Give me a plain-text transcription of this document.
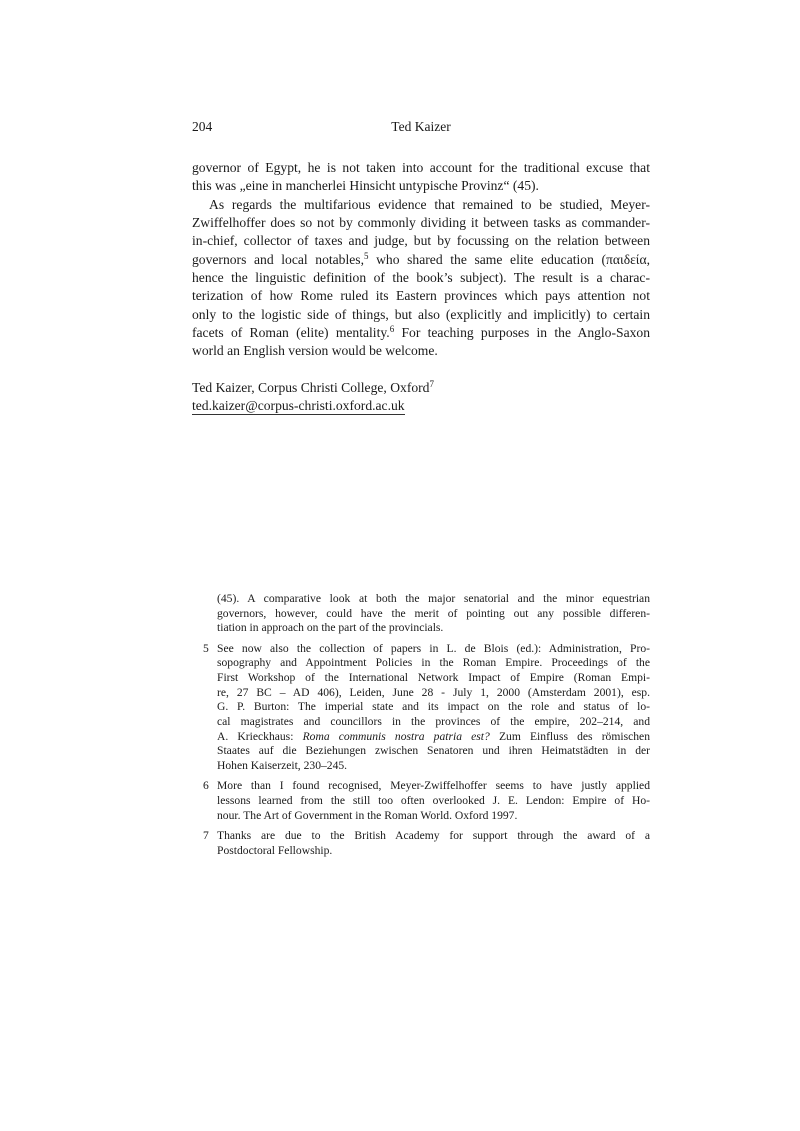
204	Ted Kaizer
governor of Egypt, he is not taken into account for the traditional excuse that
this was „eine in mancherlei Hinsicht untypische Provinz“ (45).
As regards the multifarious evidence that remained to be studied, Meyer-
Zwiffelhoffer does so not by commonly dividing it between tasks as commander-
in-chief, collector of taxes and judge, but by focussing on the relation between
governors and local notables,$^5$ who shared the same elite education (παιδεία,
hence the linguistic definition of the book’s subject). The result is a charac-
terization of how Rome ruled its Eastern provinces which pays attention not
only to the logistic side of things, but also (explicitly and implicitly) to certain
facets of Roman (elite) mentality.$^6$ For teaching purposes in the Anglo-Saxon
world an English version would be welcome.
Ted Kaizer, Corpus Christi College, Oxford$^7$
ted.kaizer@corpus-christi.oxford.ac.uk
(45). A comparative look at both the major senatorial and the minor equestrian
governors, however, could have the merit of pointing out any possible differen-
tiation in approach on the part of the provincials.
5 See now also the collection of papers in L. de Blois (ed.): Administration, Pro-
sopography and Appointment Policies in the Roman Empire. Proceedings of the
First Workshop of the International Network Impact of Empire (Roman Empi-
re, 27 BC – AD 406), Leiden, June 28 - July 1, 2000 (Amsterdam 2001), esp.
G. P. Burton: The imperial state and its impact on the role and status of lo-
cal magistrates and councillors in the provinces of the empire, 202–214, and
A. Krieckhaus: Roma communis nostra patria est? Zum Einfluss des römischen
Staates auf die Beziehungen zwischen Senatoren und ihren Heimatstädten in der
Hohen Kaiserzeit, 230–245.
6 More than I found recognised, Meyer-Zwiffelhoffer seems to have justly applied
lessons learned from the still too often overlooked J. E. Lendon: Empire of Ho-
nour. The Art of Government in the Roman World. Oxford 1997.
7 Thanks are due to the British Academy for support through the award of a
Postdoctoral Fellowship.
